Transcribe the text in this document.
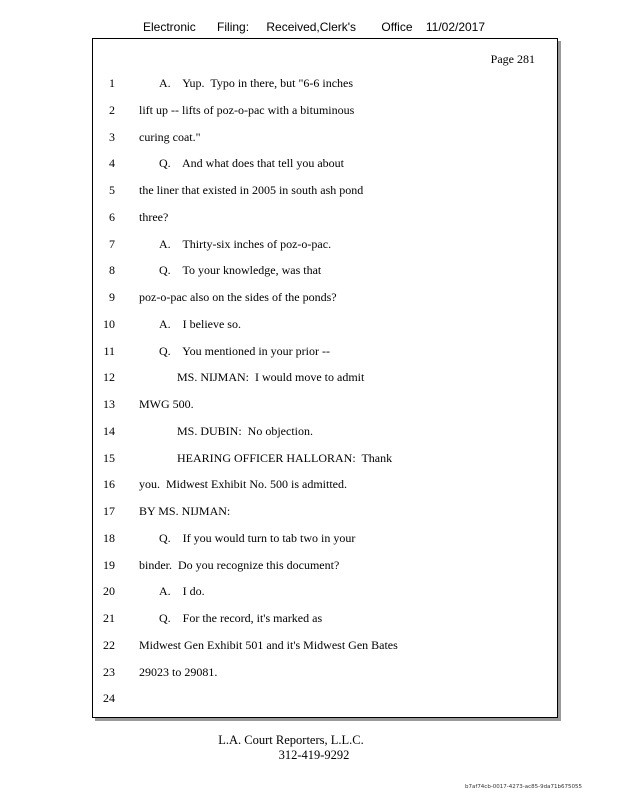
Electronic Filing: Received,Clerk's Office 11/02/2017
Page 281
1	A.    Yup.  Typo in there, but "6-6 inches
2 lift up -- lifts of poz-o-pac with a bituminous
3 curing coat."
4	Q.    And what does that tell you about
5 the liner that existed in 2005 in south ash pond
6 three?
7	A.    Thirty-six inches of poz-o-pac.
8	Q.    To your knowledge, was that
9 poz-o-pac also on the sides of the ponds?
10	A.    I believe so.
11	Q.    You mentioned in your prior --
12	MS. NIJMAN:  I would move to admit
13 MWG 500.
14	MS. DUBIN:  No objection.
15	HEARING OFFICER HALLORAN:  Thank
16 you.  Midwest Exhibit No. 500 is admitted.
17 BY MS. NIJMAN:
18	Q.    If you would turn to tab two in your
19 binder.  Do you recognize this document?
20	A.    I do.
21	Q.    For the record, it's marked as
22 Midwest Gen Exhibit 501 and it's Midwest Gen Bates
23 29023 to 29081.
24
L.A. Court Reporters, L.L.C.
312-419-9292
b7af74cb-0017-4273-ac85-9da71b675055
